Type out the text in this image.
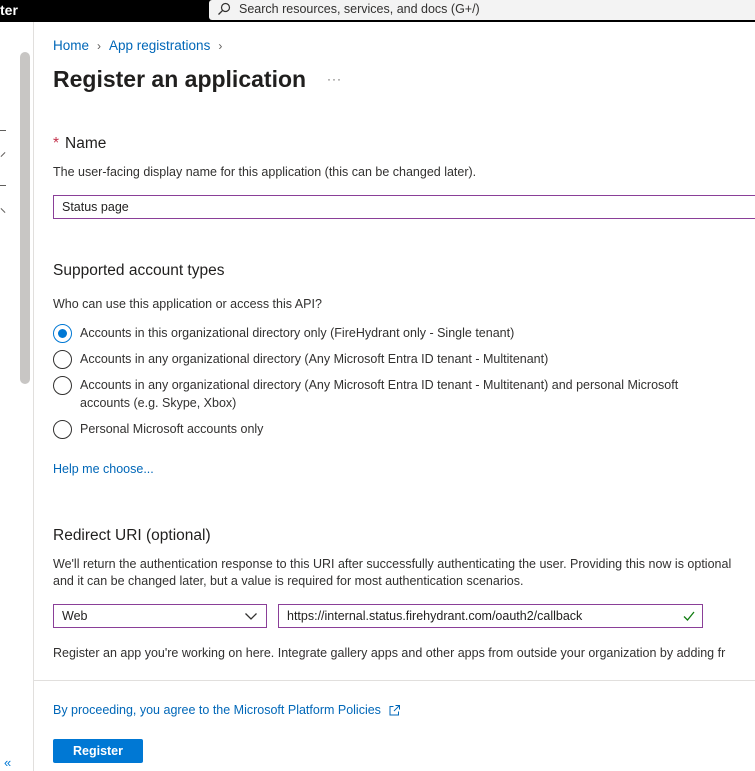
ter	Search resources, services, and docs (G+/)
«
Home › App registrations ›
Register an application ···
* Name
The user-facing display name for this application (this can be changed later).
Status page
Supported account types
Who can use this application or access this API?
Accounts in this organizational directory only (FireHydrant only - Single tenant)
Accounts in any organizational directory (Any Microsoft Entra ID tenant - Multitenant)
Accounts in any organizational directory (Any Microsoft Entra ID tenant - Multitenant) and personal Microsoft accounts (e.g. Skype, Xbox)
Personal Microsoft accounts only
Help me choose...
Redirect URI (optional)
We'll return the authentication response to this URI after successfully authenticating the user. Providing this now is optional and it can be changed later, but a value is required for most authentication scenarios.
Web	https://internal.status.firehydrant.com/oauth2/callback
Register an app you're working on here. Integrate gallery apps and other apps from outside your organization by adding fr
By proceeding, you agree to the Microsoft Platform Policies
Register
